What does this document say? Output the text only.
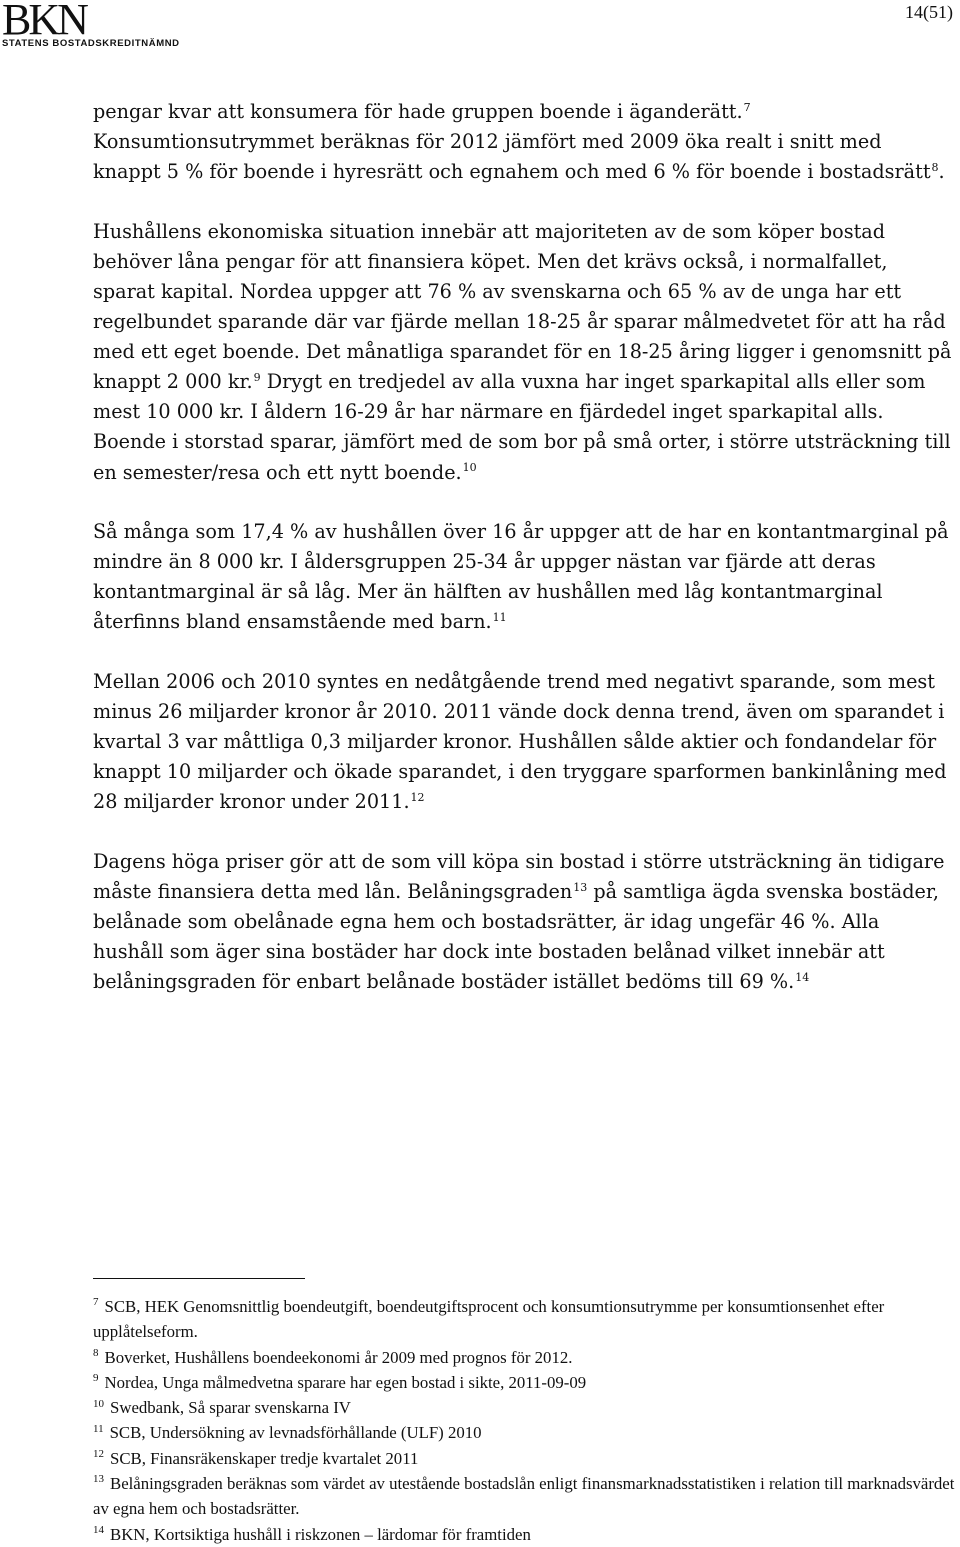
BKN
STATENS BOSTADSKREDITNÄMND
14(51)

pengar kvar att konsumera för hade gruppen boende i äganderätt.$^7$ Konsumtionsutrymmet beräknas för 2012 jämfört med 2009 öka realt i snitt med knappt 5 % för boende i hyresrätt och egnahem och med 6 % för boende i bostadsrätt$^8$.

Hushållens ekonomiska situation innebär att majoriteten av de som köper bostad behöver låna pengar för att finansiera köpet. Men det krävs också, i normalfallet, sparat kapital. Nordea uppger att 76 % av svenskarna och 65 % av de unga har ett regelbundet sparande där var fjärde mellan 18-25 år sparar målmedvetet för att ha råd med ett eget boende. Det månatliga sparandet för en 18-25 åring ligger i genomsnitt på knappt 2 000 kr.$^9$ Drygt en tredjedel av alla vuxna har inget sparkapital alls eller som mest 10 000 kr. I åldern 16-29 år har närmare en fjärdedel inget sparkapital alls. Boende i storstad sparar, jämfört med de som bor på små orter, i större utsträckning till en semester/resa och ett nytt boende.$^{10}$

Så många som 17,4 % av hushållen över 16 år uppger att de har en kontantmarginal på mindre än 8 000 kr. I åldersgruppen 25-34 år uppger nästan var fjärde att deras kontantmarginal är så låg. Mer än hälften av hushållen med låg kontantmarginal återfinns bland ensamstående med barn.$^{11}$

Mellan 2006 och 2010 syntes en nedåtgående trend med negativt sparande, som mest minus 26 miljarder kronor år 2010. 2011 vände dock denna trend, även om sparandet i kvartal 3 var måttliga 0,3 miljarder kronor. Hushållen sålde aktier och fondandelar för knappt 10 miljarder och ökade sparandet, i den tryggare sparformen bankinlåning med 28 miljarder kronor under 2011.12

Dagens höga priser gör att de som vill köpa sin bostad i större utsträckning än tidigare måste finansiera detta med lån. Belåningsgraden$^{13}$ på samtliga ägda svenska bostäder, belånade som obelånade egna hem och bostadsrätter, är idag ungefär 46 %. Alla hushåll som äger sina bostäder har dock inte bostaden belånad vilket innebär att belåningsgraden för enbart belånade bostäder istället bedöms till 69 %.$^{14}$

$^7$ SCB, HEK Genomsnittlig boendeutgift, boendeutgiftsprocent och konsumtionsutrymme per konsumtionsenhet efter upplåtelseform.
$^8$ Boverket, Hushållens boendeekonomi år 2009 med prognos för 2012.
$^9$ Nordea, Unga målmedvetna sparare har egen bostad i sikte, 2011-09-09
$^{10}$ Swedbank, Så sparar svenskarna IV
$^{11}$ SCB, Undersökning av levnadsförhållande (ULF) 2010
$^{12}$ SCB, Finansräkenskaper tredje kvartalet 2011
$^{13}$ Belåningsgraden beräknas som värdet av utestående bostadslån enligt finansmarknadsstatistiken i relation till marknadsvärdet av egna hem och bostadsrätter.
$^{14}$ BKN, Kortsiktiga hushåll i riskzonen – lärdomar för framtiden
